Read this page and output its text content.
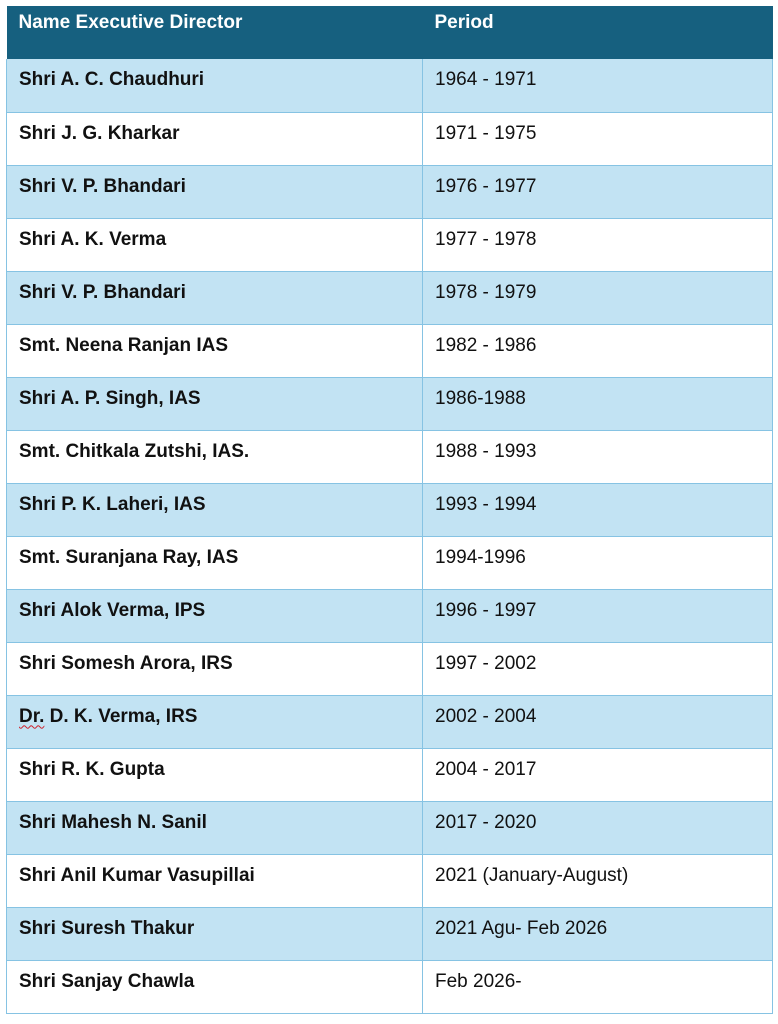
Name Executive Director	Period
Shri A. C. Chaudhuri	1964 - 1971
Shri J. G. Kharkar	1971 - 1975
Shri V. P. Bhandari	1976 - 1977
Shri A. K. Verma	1977 - 1978
Shri V. P. Bhandari	1978 - 1979
Smt. Neena Ranjan IAS	1982 - 1986
Shri A. P. Singh, IAS	1986-1988
Smt. Chitkala Zutshi, IAS.	1988 - 1993
Shri P. K. Laheri, IAS	1993 - 1994
Smt. Suranjana Ray, IAS	1994-1996
Shri Alok Verma, IPS	1996 - 1997
Shri Somesh Arora, IRS	1997 - 2002
Dr. D. K. Verma, IRS	2002 - 2004
Shri R. K. Gupta	2004 - 2017
Shri Mahesh N. Sanil	2017 - 2020
Shri Anil Kumar Vasupillai	2021 (January-August)
Shri Suresh Thakur	2021 Agu- Feb 2026
Shri Sanjay Chawla	Feb 2026-
